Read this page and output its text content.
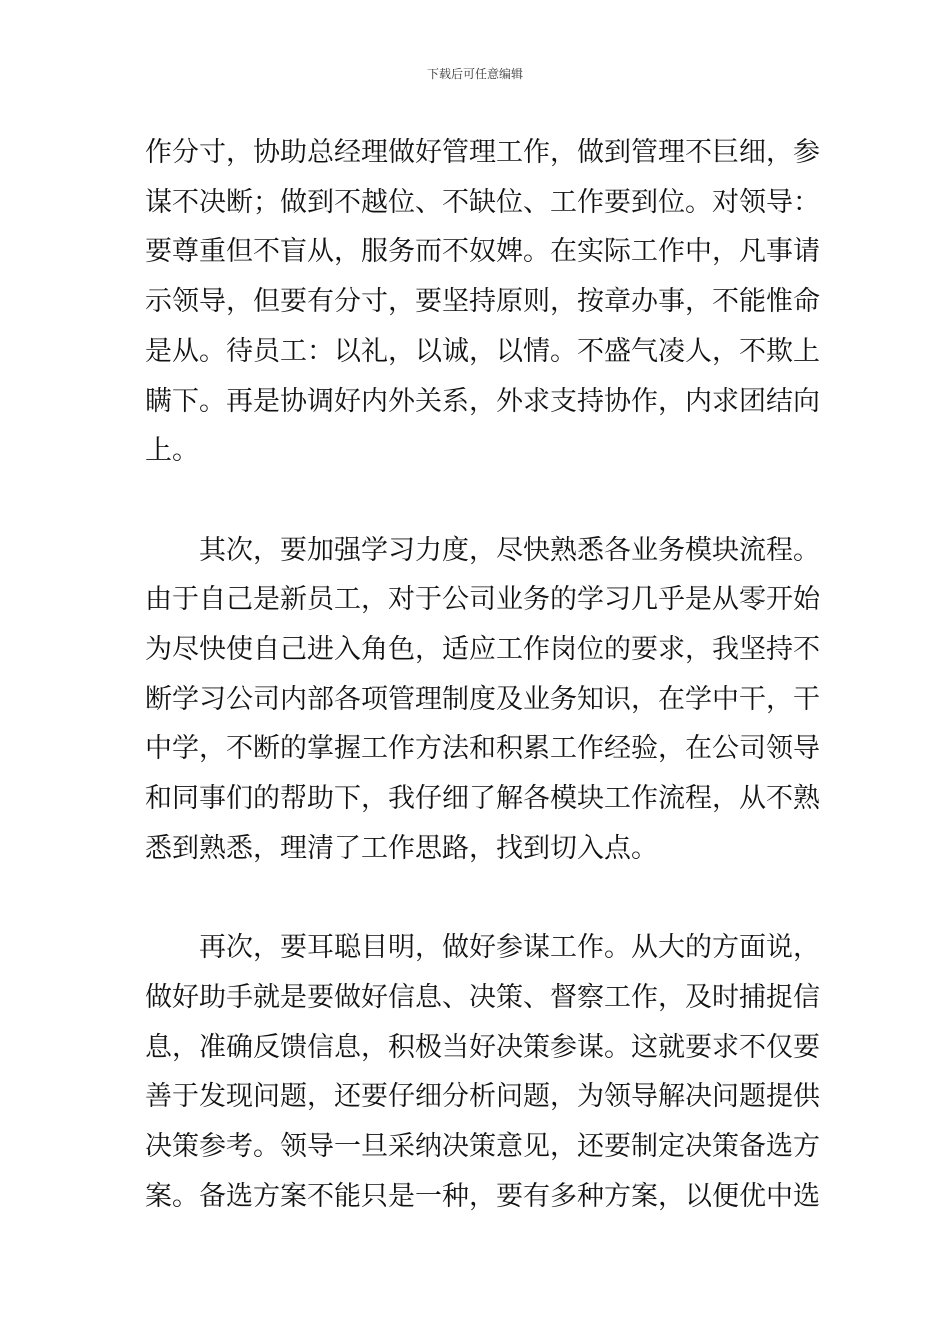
下载后可任意编辑

作分寸，协助总经理做好管理工作，做到管理不巨细，参
谋不决断；做到不越位、不缺位、工作要到位。对领导：
要尊重但不盲从，服务而不奴婢。在实际工作中，凡事请
示领导，但要有分寸，要坚持原则，按章办事，不能惟命
是从。待员工：以礼，以诚，以情。不盛气凌人，不欺上
瞒下。再是协调好内外关系，外求支持协作，内求团结向
上。

其次，要加强学习力度，尽快熟悉各业务模块流程。
由于自己是新员工，对于公司业务的学习几乎是从零开始
为尽快使自己进入角色，适应工作岗位的要求，我坚持不
断学习公司内部各项管理制度及业务知识，在学中干，干
中学，不断的掌握工作方法和积累工作经验，在公司领导
和同事们的帮助下，我仔细了解各模块工作流程，从不熟
悉到熟悉，理清了工作思路，找到切入点。

再次，要耳聪目明，做好参谋工作。从大的方面说，
做好助手就是要做好信息、决策、督察工作，及时捕捉信
息，准确反馈信息，积极当好决策参谋。这就要求不仅要
善于发现问题，还要仔细分析问题，为领导解决问题提供
决策参考。领导一旦采纳决策意见，还要制定决策备选方
案。备选方案不能只是一种，要有多种方案，以便优中选
